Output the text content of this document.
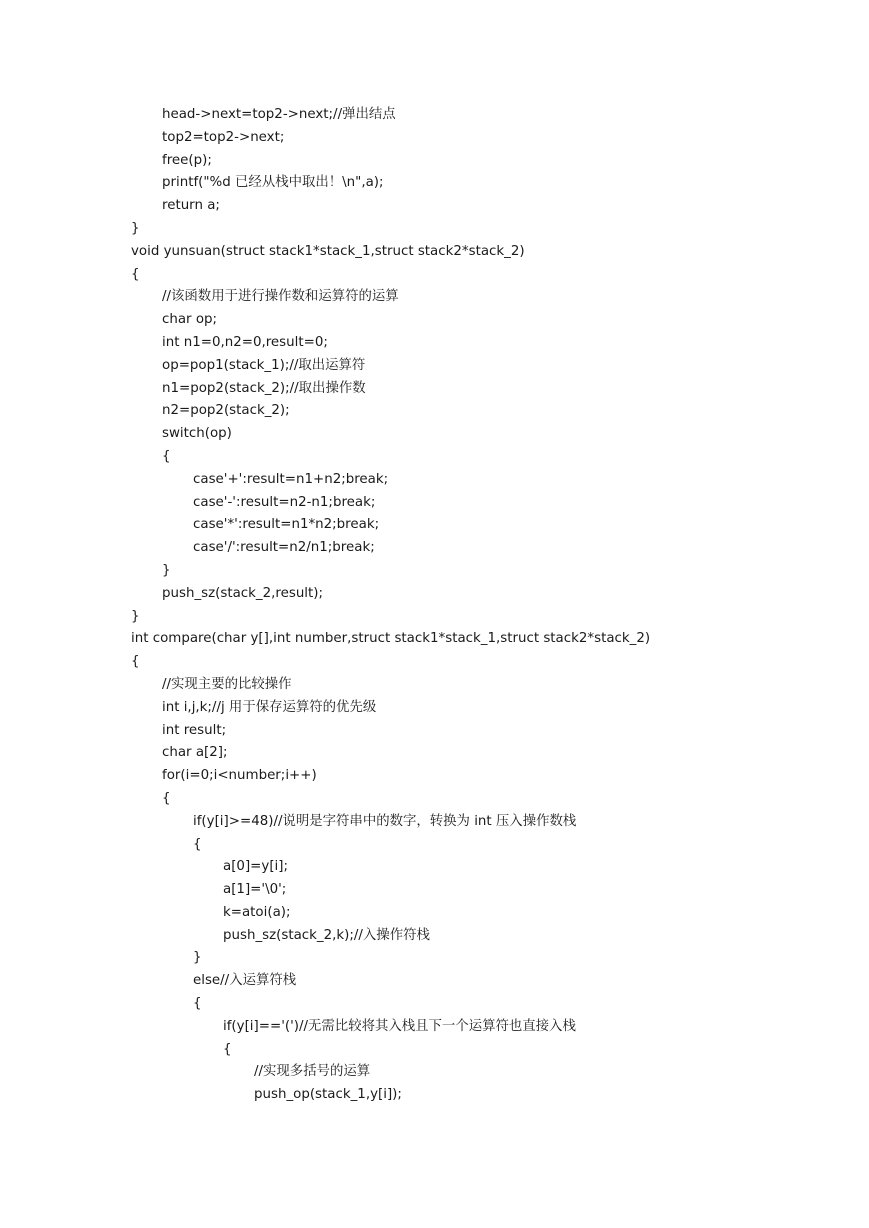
head->next=top2->next;//弹出结点
top2=top2->next;
free(p);
printf("%d 已经从栈中取出！\n",a);
return a;
}
void yunsuan(struct stack1*stack_1,struct stack2*stack_2)
{
//该函数用于进行操作数和运算符的运算
char op;
int n1=0,n2=0,result=0;
op=pop1(stack_1);//取出运算符
n1=pop2(stack_2);//取出操作数
n2=pop2(stack_2);
switch(op)
{
case'+':result=n1+n2;break;
case'-':result=n2-n1;break;
case'*':result=n1*n2;break;
case'/':result=n2/n1;break;
}
push_sz(stack_2,result);
}
int compare(char y[],int number,struct stack1*stack_1,struct stack2*stack_2)
{
//实现主要的比较操作
int i,j,k;//j 用于保存运算符的优先级
int result;
char a[2];
for(i=0;i<number;i++)
{
if(y[i]>=48)//说明是字符串中的数字，转换为 int 压入操作数栈
{
a[0]=y[i];
a[1]='\0';
k=atoi(a);
push_sz(stack_2,k);//入操作符栈
}
else//入运算符栈
{
if(y[i]=='(')//无需比较将其入栈且下一个运算符也直接入栈
{
//实现多括号的运算
push_op(stack_1,y[i]);
